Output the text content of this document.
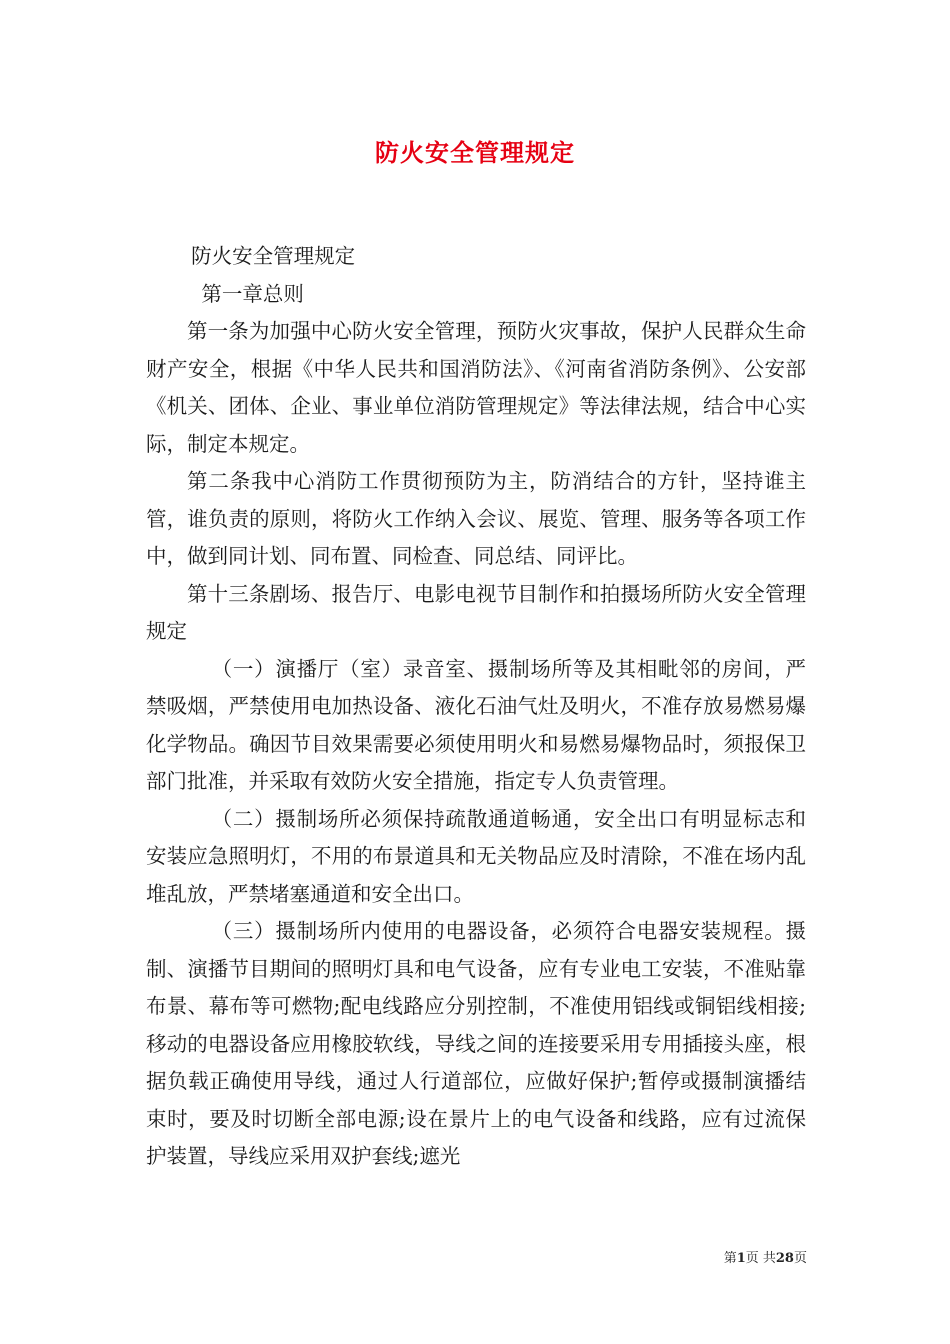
防火安全管理规定

防火安全管理规定

第一章总则

第一条为加强中心防火安全管理，预防火灾事故，保护人民群众生命财产安全，根据《中华人民共和国消防法》、《河南省消防条例》、公安部《机关、团体、企业、事业单位消防管理规定》等法律法规，结合中心实际，制定本规定。

第二条我中心消防工作贯彻预防为主，防消结合的方针，坚持谁主管，谁负责的原则，将防火工作纳入会议、展览、管理、服务等各项工作中，做到同计划、同布置、同检查、同总结、同评比。

第十三条剧场、报告厅、电影电视节目制作和拍摄场所防火安全管理规定

（一）演播厅（室）录音室、摄制场所等及其相毗邻的房间，严禁吸烟，严禁使用电加热设备、液化石油气灶及明火，不准存放易燃易爆化学物品。确因节目效果需要必须使用明火和易燃易爆物品时，须报保卫部门批准，并采取有效防火安全措施，指定专人负责管理。

（二）摄制场所必须保持疏散通道畅通，安全出口有明显标志和安装应急照明灯，不用的布景道具和无关物品应及时清除，不准在场内乱堆乱放，严禁堵塞通道和安全出口。

（三）摄制场所内使用的电器设备，必须符合电器安装规程。摄制、演播节目期间的照明灯具和电气设备，应有专业电工安装，不准贴靠布景、幕布等可燃物;配电线路应分别控制，不准使用铝线或铜铝线相接;移动的电器设备应用橡胶软线，导线之间的连接要采用专用插接头座，根据负载正确使用导线，通过人行道部位，应做好保护;暂停或摄制演播结束时，要及时切断全部电源;设在景片上的电气设备和线路，应有过流保护装置，导线应采用双护套线;遮光

第1页 共28页
